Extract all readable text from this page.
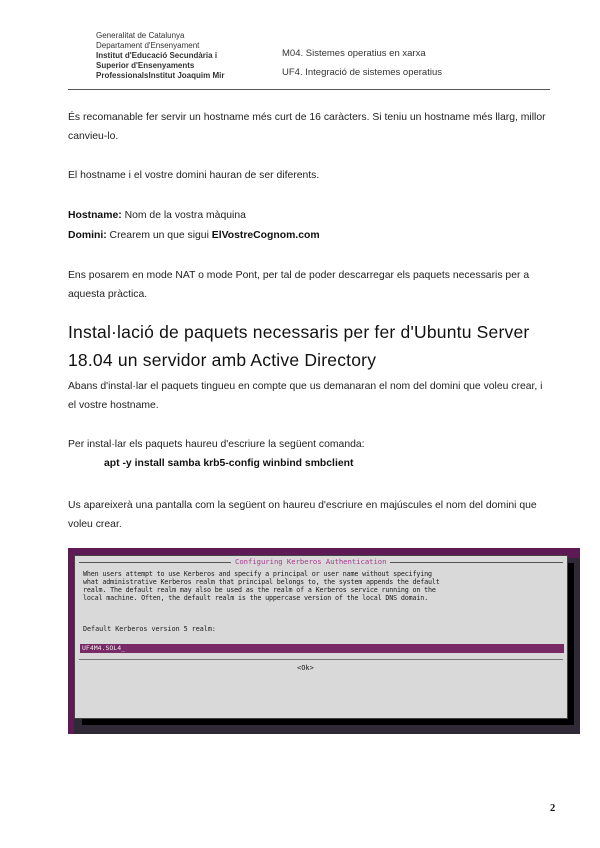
Generalitat de Catalunya
Departament d'Ensenyament
Institut d'Educació Secundària i
Superior d'Ensenyaments
ProfessionalsInstitut Joaquim Mir
M04. Sistemes operatius en xarxa
UF4. Integració de sistemes operatius
És recomanable fer servir un hostname més curt de 16 caràcters. Si teniu un hostname més llarg, millor canvieu-lo.
El hostname i el vostre domini hauran de ser diferents.
Hostname: Nom de la vostra màquina
Domini: Crearem un que sigui ElVostreCognom.com
Ens posarem en mode NAT o mode Pont, per tal de poder descarregar els paquets necessaris per a aquesta pràctica.
Instal·lació de paquets necessaris per fer d'Ubuntu Server 18.04 un servidor amb Active Directory
Abans d'instal·lar el paquets tingueu en compte que us demanaran el nom del domini que voleu crear, i el vostre hostname.
Per instal·lar els paquets haureu d'escriure la següent comanda:
apt -y install samba krb5-config winbind smbclient
Us apareixerà una pantalla com la següent on haureu d'escriure en majúscules el nom del domini que voleu crear.
Configuring Kerberos Authentication
When users attempt to use Kerberos and specify a principal or user name without specifying
what administrative Kerberos realm that principal belongs to, the system appends the default
realm. The default realm may also be used as the realm of a Kerberos service running on the
local machine. Often, the default realm is the uppercase version of the local DNS domain.
Default Kerberos version 5 realm:
UF4M4.SOL4_
<Ok>
2
